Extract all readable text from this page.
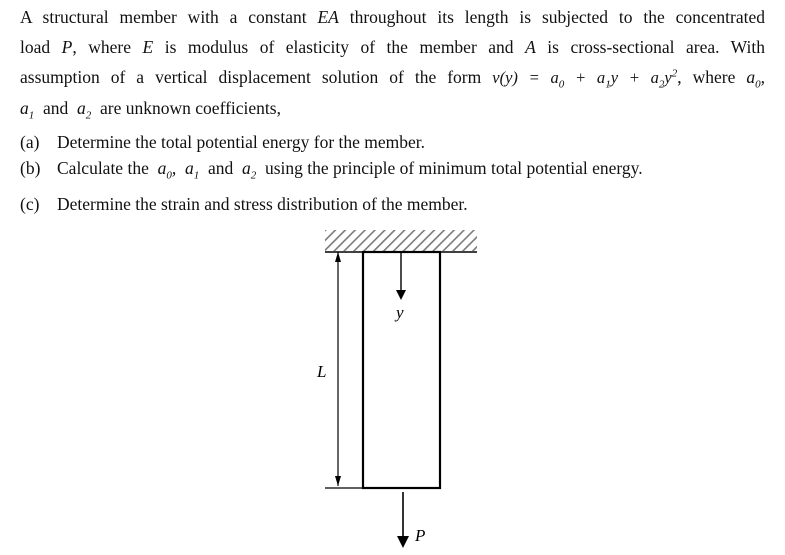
A structural member with a constant EA throughout its length is subjected to the concentrated
load P, where E is modulus of elasticity of the member and A is cross-sectional area. With
assumption of a vertical displacement solution of the form $v(y) = a_0 + a_1y + a_2y^2$, where $a_0$,
$a_1$ and $a_2$ are unknown coefficients,
(a) Determine the total potential energy for the member.
(b) Calculate the $a_0$, $a_1$ and $a_2$ using the principle of minimum total potential energy.
(c) Determine the strain and stress distribution of the member.
y
L
P
